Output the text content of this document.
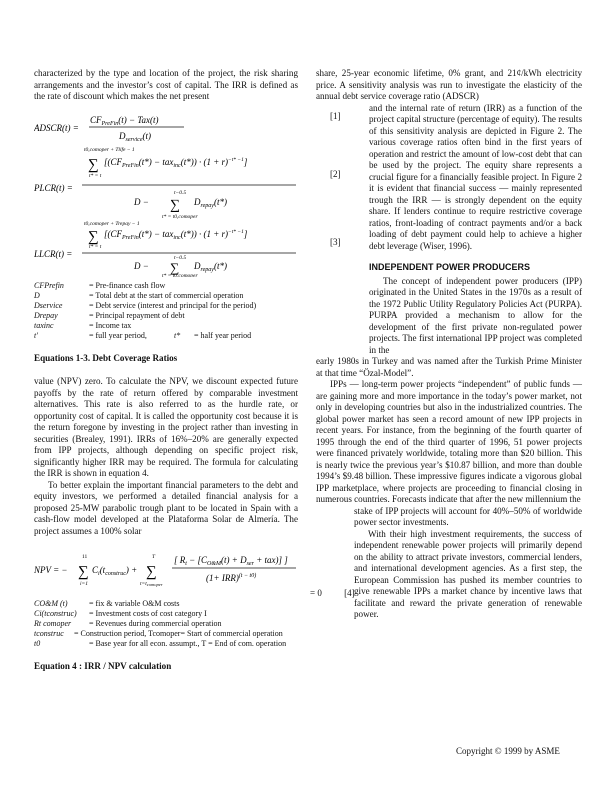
characterized by the type and location of the project, the risk sharing arrangements and the investor’s cost of capital. The IRR is defined as the rate of discount which makes the net present

ADSCR(t) =
$CF_{PreFin}(t) - Tax(t)$
$D_{service}(t)$
PLCR(t) =
t0,comoper + Tlife − 1
∑
t* = t
$[(CF_{PreFin}(t*) - tax_{inc}(t*)) \cdot (1 + r)^{-t* -1}]$
D −
t−0.5
∑
t* = t0,comoper
$D_{repay}(t*)$
LLCR(t) =
t0,comoper + Trepay − 1
∑
t* = t
$[(CF_{PreFin}(t*) - tax_{inc}(t*)) \cdot (1 + r)^{-t* -1}]$
D −
t−0.5
∑
t* = t0,comoper
$D_{repay}(t*)$
CFPrefin	= Pre-finance cash flow
D	= Total debt at the start of commercial operation
Dservice	= Debt service (interest and principal for the period)
Drepay	= Principal repayment of debt
taxinc	= Income tax
t'	= full year period,	t*	= half year period
Equations 1-3. Debt Coverage Ratios

value (NPV) zero. To calculate the NPV, we discount expected future payoffs by the rate of return offered by comparable investment alternatives. This rate is also referred to as the hurdle rate, or opportunity cost of capital. It is called the opportunity cost because it is the return foregone by investing in the project rather than investing in securities (Brealey, 1991). IRRs of 16%–20% are generally expected from IPP projects, although depending on specific project risk, significantly higher IRR may be required. The formula for calculating the IRR is shown in equation 4.

To better explain the important financial parameters to the debt and equity investors, we performed a detailed financial analysis for a proposed 25-MW parabolic trough plant to be located in Spain with a cash-flow model developed at the Plataforma Solar de Almería. The project assumes a 100% solar

NPV = −
11
∑
i=1
$C_i(t_{construc})$ +
T
∑
t=tcomoper
[ $R_t - [C_{O\&M}(t) + D_{ser} + tax)$] ]
(1+ IRR)$^{(t - t0)}$
= 0 [4]
CO&M (t)	= fix & variable O&M costs
Ci(tconstruc)	= Investment costs of cost category I
Rt comoper	= Revenues during commercial operation
tconstruc	= Construction period, Tcomoper= Start of commercial operation
t0	= Base year for all econ. assumpt., T = End of com. operation
Equation 4 : IRR / NPV calculation

share, 25-year economic lifetime, 0% grant, and 21¢/kWh electricity price. A sensitivity analysis was run to investigate the elasticity of the annual debt service coverage ratio (ADSCR)

[1]
[2]
[3]

and the internal rate of return (IRR) as a function of the project capital structure (percentage of equity). The results of this sensitivity analysis are depicted in Figure 2. The various coverage ratios often bind in the first years of operation and restrict the amount of low-cost debt that can be used by the project. The equity share represents a crucial figure for a financially feasible project. In Figure 2 it is evident that financial success — mainly represented trough the IRR — is strongly dependent on the equity share. If lenders continue to require restrictive coverage ratios, front-loading of contract payments and/or a back loading of debt payment could help to achieve a higher debt leverage (Wiser, 1996).

INDEPENDENT POWER PRODUCERS

The concept of independent power producers (IPP) originated in the United States in the 1970s as a result of the 1972 Public Utility Regulatory Policies Act (PURPA). PURPA provided a mechanism to allow for the development of the first private non-regulated power projects. The first international IPP project was completed in the

early 1980s in Turkey and was named after the Turkish Prime Minister at that time “Özal-Model”.

IPPs — long-term power projects “independent” of public funds — are gaining more and more importance in the today’s power market, not only in developing countries but also in the industrialized countries. The global power market has seen a record amount of new IPP projects in recent years. For instance, from the beginning of the fourth quarter of 1995 through the end of the third quarter of 1996, 51 power projects were financed privately worldwide, totaling more than $20 billion. This is nearly twice the previous year’s $10.87 billion, and more than double 1994’s $9.48 billion. These impressive figures indicate a vigorous global IPP marketplace, where projects are proceeding to financial closing in numerous countries. Forecasts indicate that after the new millennium the

stake of IPP projects will account for 40%–50% of worldwide power sector investments.

With their high investment requirements, the success of independent renewable power projects will primarily depend on the ability to attract private investors, commercial lenders, and international development agencies. As a first step, the European Commission has pushed its member countries to give renewable IPPs a market chance by incentive laws that facilitate and reward the private generation of renewable power.

Copyright © 1999 by ASME
